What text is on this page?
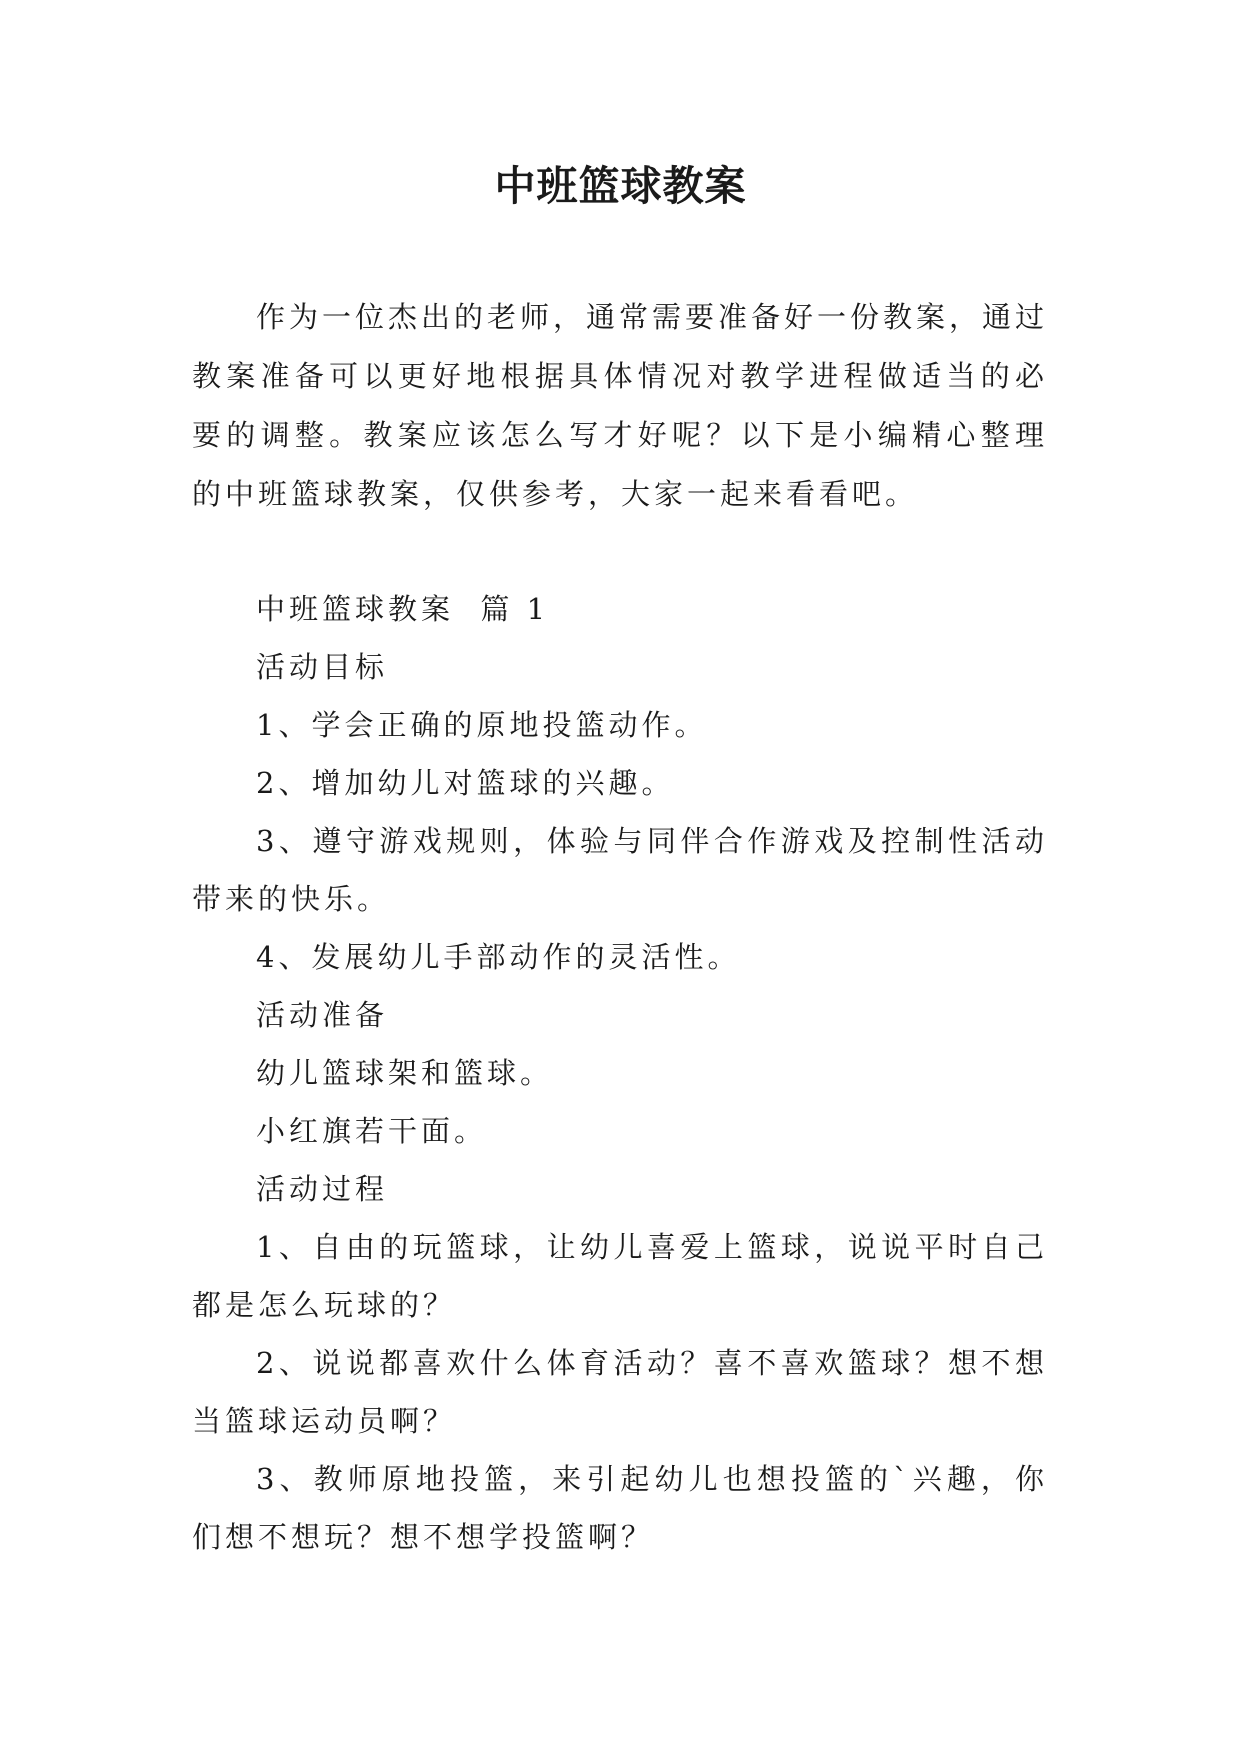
中班篮球教案

作为一位杰出的老师，通常需要准备好一份教案，通过教案准备可以更好地根据具体情况对教学进程做适当的必要的调整。教案应该怎么写才好呢？以下是小编精心整理的中班篮球教案，仅供参考，大家一起来看看吧。

中班篮球教案  篇 1

活动目标

1、学会正确的原地投篮动作。

2、增加幼儿对篮球的兴趣。

3、遵守游戏规则，体验与同伴合作游戏及控制性活动带来的快乐。

4、发展幼儿手部动作的灵活性。

活动准备

幼儿篮球架和篮球。

小红旗若干面。

活动过程

1、自由的玩篮球，让幼儿喜爱上篮球，说说平时自己都是怎么玩球的？

2、说说都喜欢什么体育活动？喜不喜欢篮球？想不想当篮球运动员啊？

3、教师原地投篮，来引起幼儿也想投篮的`兴趣，你们想不想玩？想不想学投篮啊？
